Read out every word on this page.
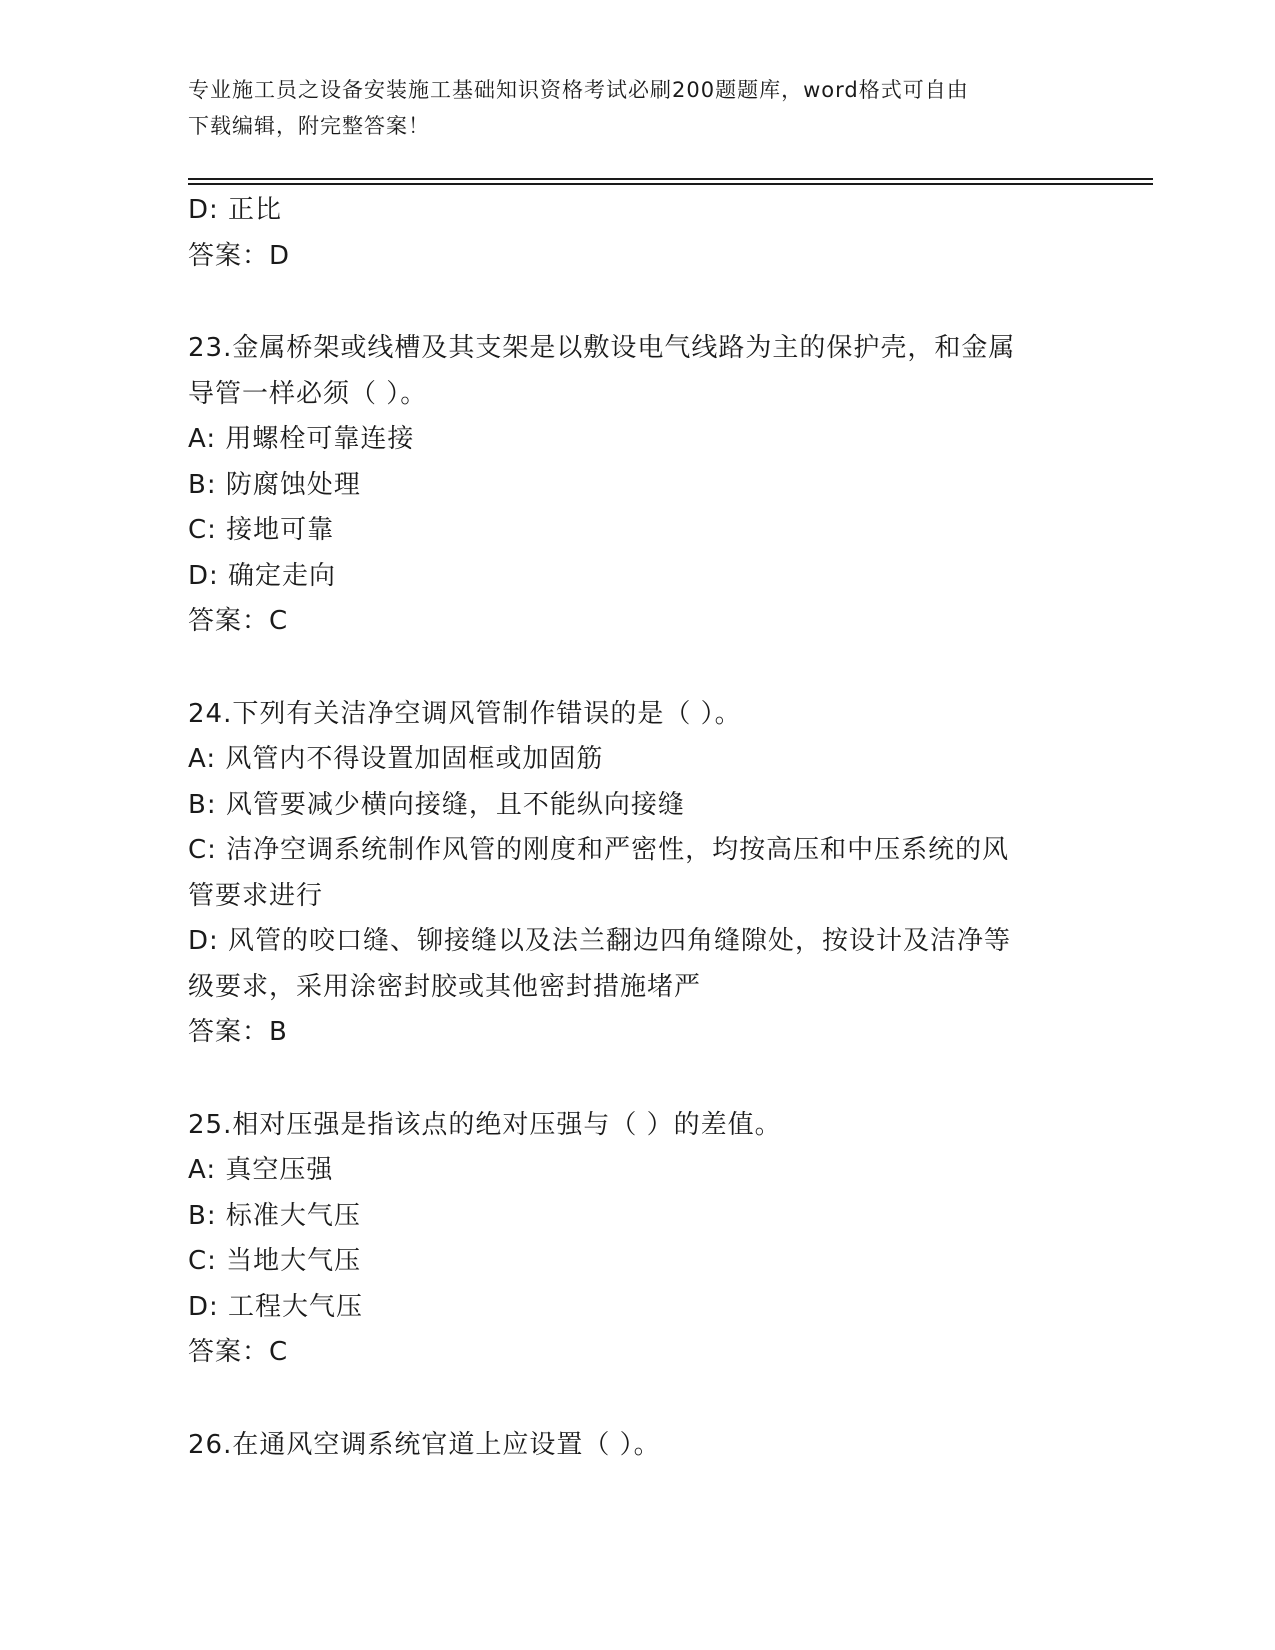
专业施工员之设备安装施工基础知识资格考试必刷200题题库，word格式可自由
下载编辑，附完整答案！
D: 正比
答案：D
23.金属桥架或线槽及其支架是以敷设电气线路为主的保护壳，和金属
导管一样必须（ ）。
A: 用螺栓可靠连接
B: 防腐蚀处理
C: 接地可靠
D: 确定走向
答案：C
24.下列有关洁净空调风管制作错误的是（ ）。
A: 风管内不得设置加固框或加固筋
B: 风管要减少横向接缝，且不能纵向接缝
C: 洁净空调系统制作风管的刚度和严密性，均按高压和中压系统的风
管要求进行
D: 风管的咬口缝、铆接缝以及法兰翻边四角缝隙处，按设计及洁净等
级要求，采用涂密封胶或其他密封措施堵严
答案：B
25.相对压强是指该点的绝对压强与（ ）的差值。
A: 真空压强
B: 标准大气压
C: 当地大气压
D: 工程大气压
答案：C
26.在通风空调系统官道上应设置（ ）。
